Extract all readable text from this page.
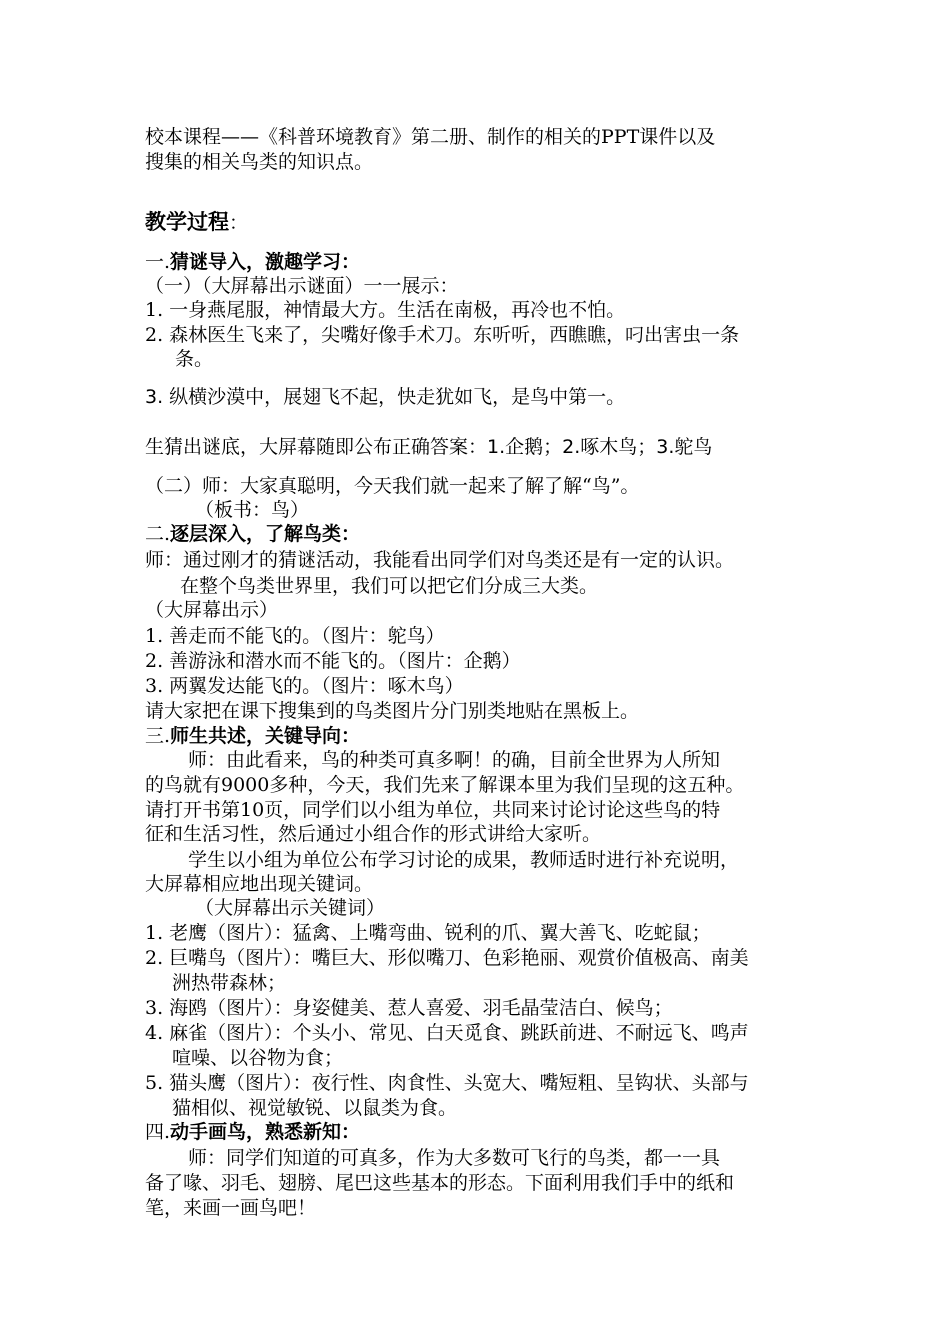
校本课程——《科普环境教育》第二册、制作的相关的PPT课件以及
搜集的相关鸟类的知识点。
教学过程：
一.猜谜导入，激趣学习：
（一）（大屏幕出示谜面）一一展示：
1. 一身燕尾服，神情最大方。生活在南极，再冷也不怕。
2. 森林医生飞来了，尖嘴好像手术刀。东听听，西瞧瞧，叼出害虫一条
条。
3. 纵横沙漠中，展翅飞不起，快走犹如飞，是鸟中第一。
生猜出谜底，大屏幕随即公布正确答案：1.企鹅；2.啄木鸟；3.鸵鸟
（二）师：大家真聪明，今天我们就一起来了解了解“鸟”。
（板书：鸟）
二.逐层深入，了解鸟类：
师：通过刚才的猜谜活动，我能看出同学们对鸟类还是有一定的认识。
在整个鸟类世界里，我们可以把它们分成三大类。
（大屏幕出示）
1. 善走而不能飞的。（图片：鸵鸟）
2. 善游泳和潜水而不能飞的。（图片：企鹅）
3. 两翼发达能飞的。（图片：啄木鸟）
请大家把在课下搜集到的鸟类图片分门别类地贴在黑板上。
三.师生共述，关键导向：
师：由此看来，鸟的种类可真多啊！的确，目前全世界为人所知
的鸟就有9000多种，今天，我们先来了解课本里为我们呈现的这五种。
请打开书第10页，同学们以小组为单位，共同来讨论讨论这些鸟的特
征和生活习性，然后通过小组合作的形式讲给大家听。
学生以小组为单位公布学习讨论的成果，教师适时进行补充说明，
大屏幕相应地出现关键词。
（大屏幕出示关键词）
1. 老鹰（图片）：猛禽、上嘴弯曲、锐利的爪、翼大善飞、吃蛇鼠；
2. 巨嘴鸟（图片）：嘴巨大、形似嘴刀、色彩艳丽、观赏价值极高、南美
洲热带森林；
3. 海鸥（图片）：身姿健美、惹人喜爱、羽毛晶莹洁白、候鸟；
4. 麻雀（图片）：个头小、常见、白天觅食、跳跃前进、不耐远飞、鸣声
喧噪、以谷物为食；
5. 猫头鹰（图片）：夜行性、肉食性、头宽大、嘴短粗、呈钩状、头部与
猫相似、视觉敏锐、以鼠类为食。
四.动手画鸟，熟悉新知：
师：同学们知道的可真多，作为大多数可飞行的鸟类，都一一具
备了喙、羽毛、翅膀、尾巴这些基本的形态。下面利用我们手中的纸和
笔，来画一画鸟吧！
